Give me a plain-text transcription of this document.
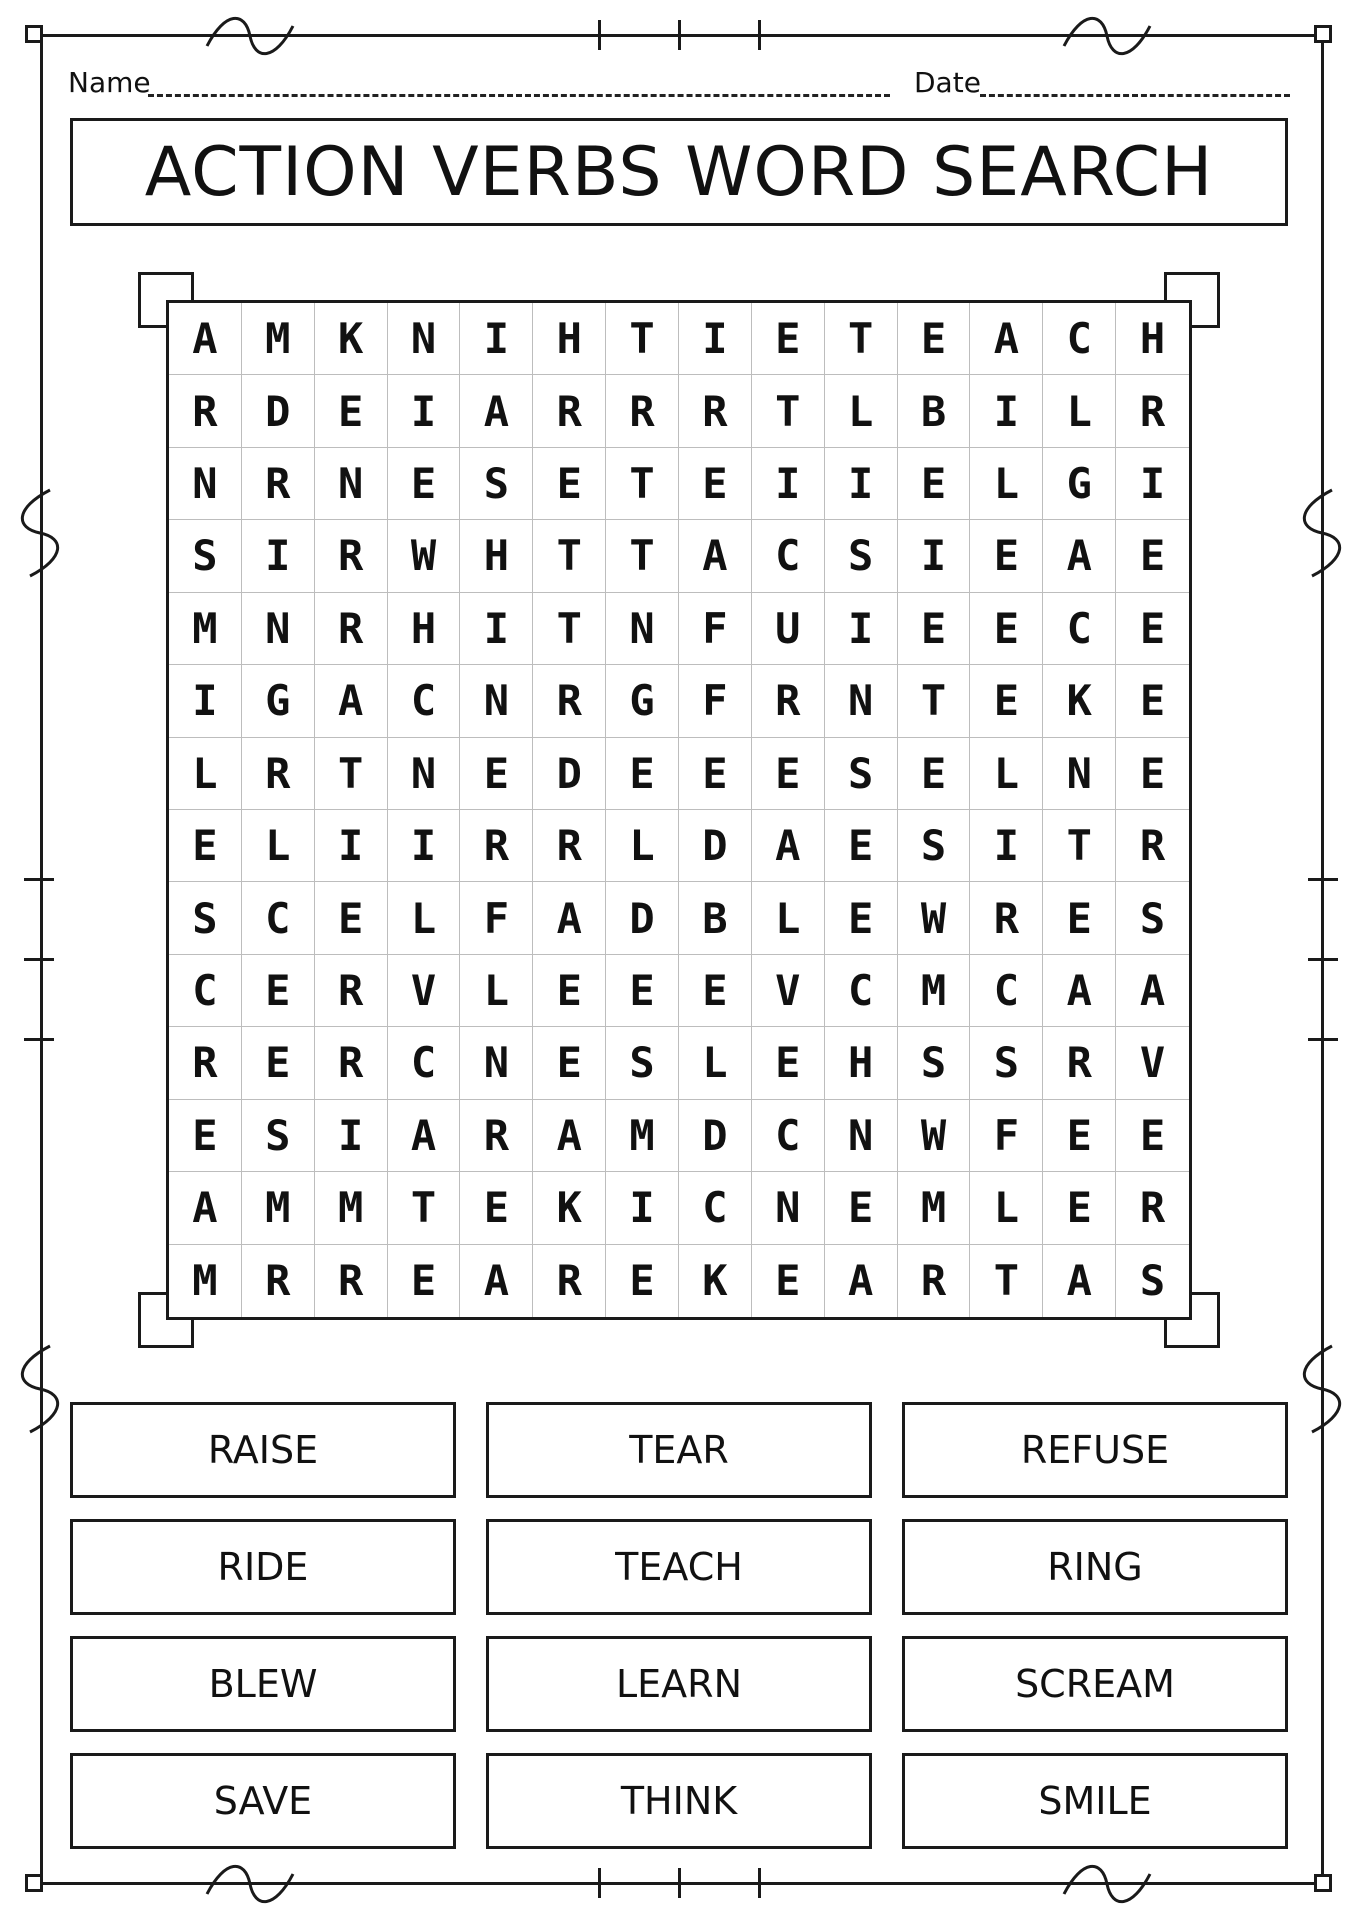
Name	Date
ACTION VERBS WORD SEARCH
A	M	K	N	I	H	T	I	E	T	E	A	C	H
R	D	E	I	A	R	R	R	T	L	B	I	L	R
N	R	N	E	S	E	T	E	I	I	E	L	G	I
S	I	R	W	H	T	T	A	C	S	I	E	A	E
M	N	R	H	I	T	N	F	U	I	E	E	C	E
I	G	A	C	N	R	G	F	R	N	T	E	K	E
L	R	T	N	E	D	E	E	E	S	E	L	N	E
E	L	I	I	R	R	L	D	A	E	S	I	T	R
S	C	E	L	F	A	D	B	L	E	W	R	E	S
C	E	R	V	L	E	E	E	V	C	M	C	A	A
R	E	R	C	N	E	S	L	E	H	S	S	R	V
E	S	I	A	R	A	M	D	C	N	W	F	E	E
A	M	M	T	E	K	I	C	N	E	M	L	E	R
M	R	R	E	A	R	E	K	E	A	R	T	A	S
RAISE	TEAR	REFUSE
RIDE	TEACH	RING
BLEW	LEARN	SCREAM
SAVE	THINK	SMILE
